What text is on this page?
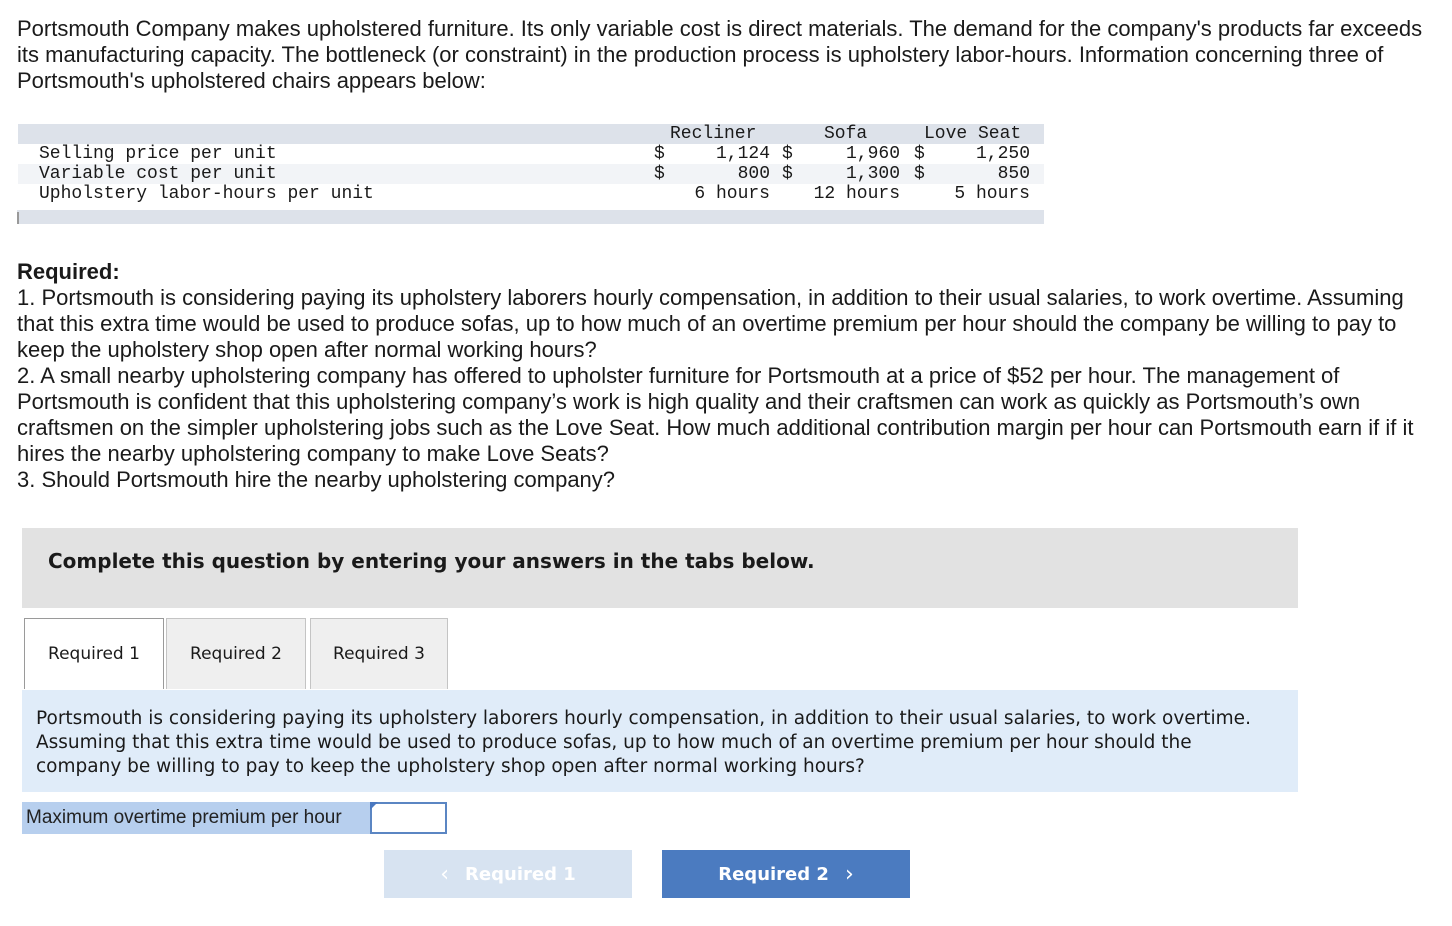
Portsmouth Company makes upholstered furniture. Its only variable cost is direct materials. The demand for the company's products far exceeds its manufacturing capacity. The bottleneck (or constraint) in the production process is upholstery labor-hours. Information concerning three of Portsmouth's upholstered chairs appears below:

Recliner	Sofa	Love Seat
Selling price per unit	$	1,124 $	1,960 $	1,250
Variable cost per unit	$	800 $	1,300 $	850
Upholstery labor-hours per unit	6 hours	12 hours	5 hours
Required:
1. Portsmouth is considering paying its upholstery laborers hourly compensation, in addition to their usual salaries, to work overtime. Assuming that this extra time would be used to produce sofas, up to how much of an overtime premium per hour should the company be willing to pay to keep the upholstery shop open after normal working hours?
2. A small nearby upholstering company has offered to upholster furniture for Portsmouth at a price of $52 per hour. The management of Portsmouth is confident that this upholstering company’s work is high quality and their craftsmen can work as quickly as Portsmouth’s own craftsmen on the simpler upholstering jobs such as the Love Seat. How much additional contribution margin per hour can Portsmouth earn if if it hires the nearby upholstering company to make Love Seats?
3. Should Portsmouth hire the nearby upholstering company?
Complete this question by entering your answers in the tabs below.
Required 1	Required 2	Required 3
Portsmouth is considering paying its upholstery laborers hourly compensation, in addition to their usual salaries, to work overtime. Assuming that this extra time would be used to produce sofas, up to how much of an overtime premium per hour should the company be willing to pay to keep the upholstery shop open after normal working hours?
Maximum overtime premium per hour
‹ Required 1	Required 2 ›
